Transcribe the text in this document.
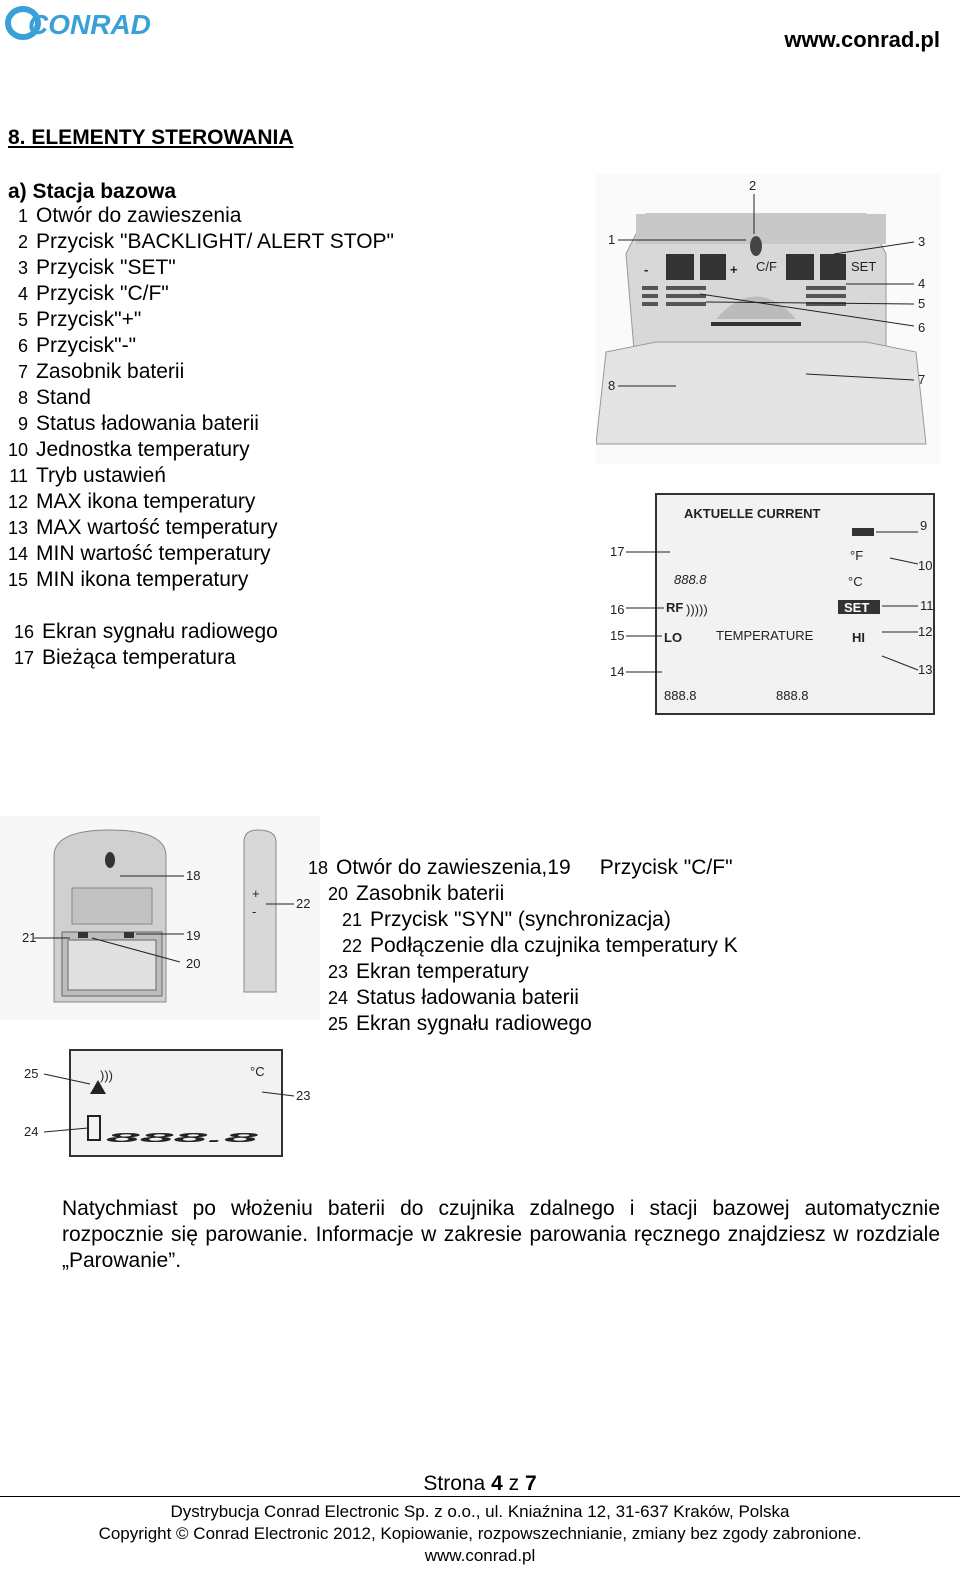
CONRAD	www.conrad.pl
8. ELEMENTY STEROWANIA
a) Stacja bazowa
1 Otwór do zawieszenia
2 Przycisk "BACKLIGHT/ ALERT STOP"
3 Przycisk "SET"
4 Przycisk "C/F"
5 Przycisk"+"
6 Przycisk"-"
7 Zasobnik baterii
8 Stand
9 Status ładowania baterii
10 Jednostka temperatury
11 Tryb ustawień
12 MAX ikona temperatury
13 MAX wartość temperatury
14 MIN wartość temperatury
15 MIN ikona temperatury
16 Ekran sygnału radiowego
17 Bieżąca temperatura
-	+ C/F	SET
2
1	3
4
5
6
7
8
AKTUELLE CURRENT
888.8
°F
°C
RF )))))	SET
LO	TEMPERATURE	HI
888.8	888.8
17
16
15
14
9
10
11
12
13
+
-
18
19
20
21
22
18 Otwór do zawieszenia,19     Przycisk "C/F"
20 Zasobnik baterii
21 Przycisk "SYN" (synchronizacja)
22 Podłączenie dla czujnika temperatury K
23 Ekran temperatury
24 Status ładowania baterii
25 Ekran sygnału radiowego
)))
888.8
°C
25
24
23
Natychmiast po włożeniu baterii do czujnika zdalnego i stacji bazowej automatycznie rozpocznie się parowanie. Informacje w zakresie parowania ręcznego znajdziesz w rozdziale „Parowanie”.
Strona 4 z 7
Dystrybucja Conrad Electronic Sp. z o.o., ul. Kniaźnina 12, 31-637 Kraków, Polska
Copyright © Conrad Electronic 2012, Kopiowanie, rozpowszechnianie, zmiany bez zgody zabronione.
www.conrad.pl
